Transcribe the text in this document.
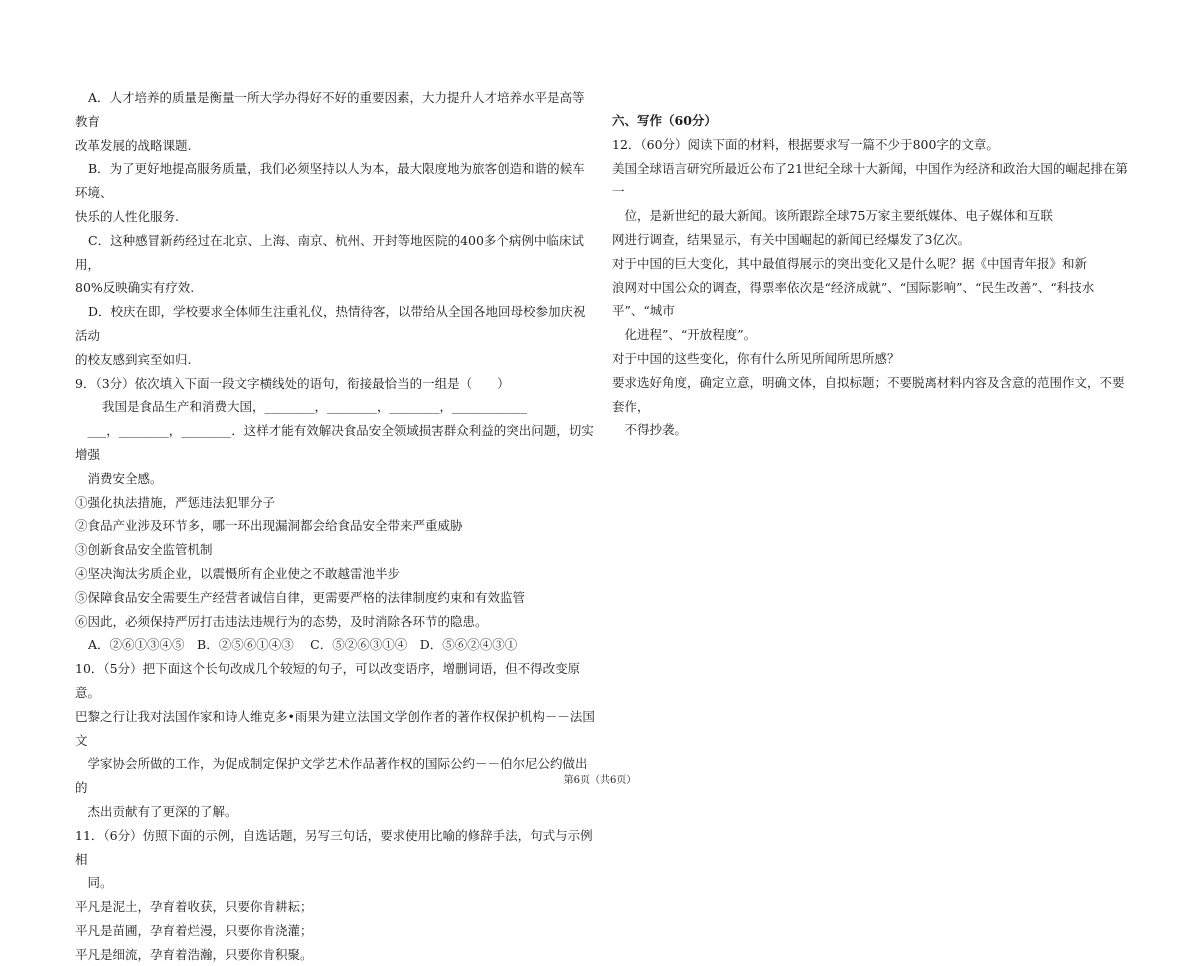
A．人才培养的质量是衡量一所大学办得好不好的重要因素，大力提升人才培养水平是高等教育

改革发展的战略课题.

B．为了更好地提高服务质量，我们必须坚持以人为本，最大限度地为旅客创造和谐的候车环境、

快乐的人性化服务.

C．这种感冒新药经过在北京、上海、南京、杭州、开封等地医院的400多个病例中临床试用，

80%反映确实有疗效.

D．校庆在即，学校要求全体师生注重礼仪，热情待客，以带给从全国各地回母校参加庆祝活动

的校友感到宾至如归.

9．（3分）依次填入下面一段文字横线处的语句，衔接最恰当的一组是（　　）

我国是食品生产和消费大国，________，________，________，____________

　___，________，________．这样才能有效解决食品安全领域损害群众利益的突出问题，切实增强

　消费安全感。

①强化执法措施，严惩违法犯罪分子

②食品产业涉及环节多，哪一环出现漏洞都会给食品安全带来严重威胁

③创新食品安全监管机制

④坚决淘汰劣质企业，以震慑所有企业使之不敢越雷池半步

⑤保障食品安全需要生产经营者诚信自律，更需要严格的法律制度约束和有效监管

⑥因此，必须保持严厉打击违法违规行为的态势，及时消除各环节的隐患。

A．②⑥①③④⑤　B．②⑤⑥①④③　 C．⑤②⑥③①④　D．⑤⑥②④③①

10．（5分）把下面这个长句改成几个较短的句子，可以改变语序，增删词语，但不得改变原意。

巴黎之行让我对法国作家和诗人维克多•雨果为建立法国文学创作者的著作权保护机构－－法国文

　学家协会所做的工作，为促成制定保护文学艺术作品著作权的国际公约－－伯尔尼公约做出的

　杰出贡献有了更深的了解。

11．（6分）仿照下面的示例，自选话题，另写三句话，要求使用比喻的修辞手法，句式与示例相

　同。

平凡是泥土，孕育着收获，只要你肯耕耘；

平凡是苗圃，孕育着烂漫，只要你肯浇灌；

平凡是细流，孕育着浩瀚，只要你肯积聚。

六、写作（60分）

12．（60分）阅读下面的材料，根据要求写一篇不少于800字的文章。

美国全球语言研究所最近公布了21世纪全球十大新闻，中国作为经济和政治大国的崛起排在第一

　位，是新世纪的最大新闻。该所跟踪全球75万家主要纸媒体、电子媒体和互联

网进行调查，结果显示，有关中国崛起的新闻已经爆发了3亿次。

对于中国的巨大变化，其中最值得展示的突出变化又是什么呢？据《中国青年报》和新

浪网对中国公众的调查，得票率依次是“经济成就”、“国际影响”、“民生改善”、“科技水平”、“城市

　化进程”、“开放程度”。

对于中国的这些变化，你有什么所见所闻所思所感？

要求选好角度，确定立意，明确文体，自拟标题；不要脱离材料内容及含意的范围作文，不要套作，

　不得抄袭。

第6页（共6页）
